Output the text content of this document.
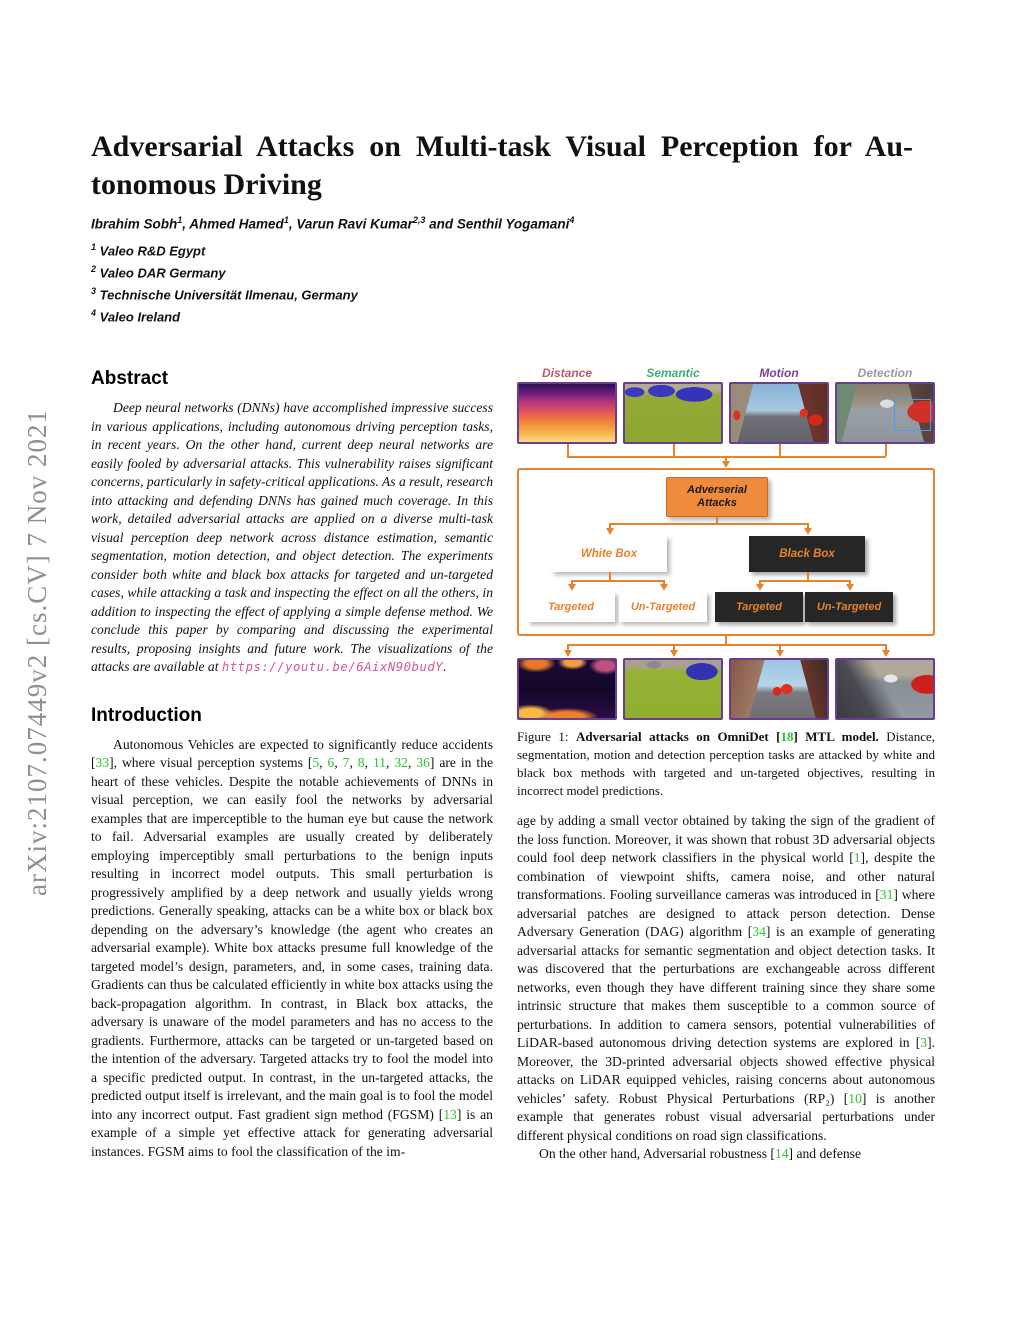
arXiv:2107.07449v2 [cs.CV] 7 Nov 2021
Adversarial Attacks on Multi-task Visual Perception for Au-
tonomous Driving
Ibrahim Sobh$^1$, Ahmed Hamed$^1$, Varun Ravi Kumar$^{2,3}$ and Senthil Yogamani$^4$
$^1$ Valeo R&D Egypt
$^2$ Valeo DAR Germany
$^3$ Technische Universität Ilmenau, Germany
$^4$ Valeo Ireland
Abstract

Deep neural networks (DNNs) have accomplished impressive success in various applications, including autonomous driving perception tasks, in recent years. On the other hand, current deep neural networks are easily fooled by adversarial attacks. This vulnerability raises significant concerns, particularly in safety-critical applications. As a result, research into attacking and defending DNNs has gained much coverage. In this work, detailed adversarial attacks are applied on a diverse multi-task visual perception deep network across distance estimation, semantic segmentation, motion detection, and object detection. The experiments consider both white and black box attacks for targeted and un-targeted cases, while attacking a task and inspecting the effect on all the others, in addition to inspecting the effect of applying a simple defense method. We conclude this paper by comparing and discussing the experimental results, proposing insights and future work. The visualizations of the attacks are available at https://youtu.be/6AixN90budY.

Introduction

Autonomous Vehicles are expected to significantly reduce accidents [33], where visual perception systems [5, 6, 7, 8, 11, 32, 36] are in the heart of these vehicles. Despite the notable achievements of DNNs in visual perception, we can easily fool the networks by adversarial examples that are imperceptible to the human eye but cause the network to fail. Adversarial examples are usually created by deliberately employing imperceptibly small perturbations to the benign inputs resulting in incorrect model outputs. This small perturbation is progressively amplified by a deep network and usually yields wrong predictions. Generally speaking, attacks can be a white box or black box depending on the adversary’s knowledge (the agent who creates an adversarial example). White box attacks presume full knowledge of the targeted model’s design, parameters, and, in some cases, training data. Gradients can thus be calculated efficiently in white box attacks using the back-propagation algorithm. In contrast, in Black box attacks, the adversary is unaware of the model parameters and has no access to the gradients. Furthermore, attacks can be targeted or un-targeted based on the intention of the adversary. Targeted attacks try to fool the model into a specific predicted output. In contrast, in the un-targeted attacks, the predicted output itself is irrelevant, and the main goal is to fool the model into any incorrect output. Fast gradient sign method (FGSM) [13] is an example of a simple yet effective attack for generating adversarial instances. FGSM aims to fool the classification of the im-

Distance	Semantic	Motion	Detection
Adverserial Attacks
White Box	Black Box
Targeted	Un-Targeted	Targeted	Un-Targeted
Figure 1: Adversarial attacks on OmniDet [18] MTL model. Distance, segmentation, motion and detection perception tasks are attacked by white and black box methods with targeted and un-targeted objectives, resulting in incorrect model predictions.

age by adding a small vector obtained by taking the sign of the gradient of the loss function. Moreover, it was shown that robust 3D adversarial objects could fool deep network classifiers in the physical world [1], despite the combination of viewpoint shifts, camera noise, and other natural transformations. Fooling surveillance cameras was introduced in [31] where adversarial patches are designed to attack person detection. Dense Adversary Generation (DAG) algorithm [34] is an example of generating adversarial attacks for semantic segmentation and object detection tasks. It was discovered that the perturbations are exchangeable across different networks, even though they have different training since they share some intrinsic structure that makes them susceptible to a common source of perturbations. In addition to camera sensors, potential vulnerabilities of LiDAR-based autonomous driving detection systems are explored in [3]. Moreover, the 3D-printed adversarial objects showed effective physical attacks on LiDAR equipped vehicles, raising concerns about autonomous vehicles’ safety. Robust Physical Perturbations (RP₂) [10] is another example that generates robust visual adversarial perturbations under different physical conditions on road sign classifications.

On the other hand, Adversarial robustness [14] and defense
